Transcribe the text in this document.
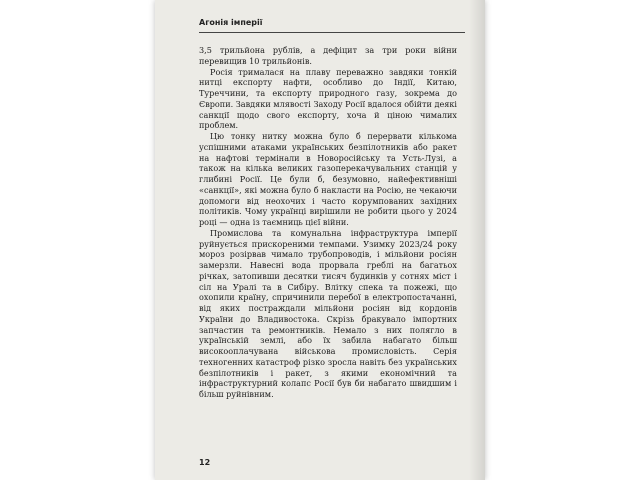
Агонія імперії

3,5 трильйона рублів, а дефіцит за три роки війни перевищив 10 трильйонів.

Росія трималася на плаву переважно завдяки тонкій нитці експорту нафти, особливо до Індії, Китаю, Туреччини, та експорту природного газу, зокрема до Європи. Завдяки млявості Заходу Росії вдалося обійти деякі санкції щодо свого експорту, хоча й ціною чималих проблем.

Цю тонку нитку можна було б перервати кількома успішними атаками українських безпілотників або ракет на нафтові термінали в Новоросійську та Усть-Лузі, а також на кілька великих газоперекачувальних станцій у глибині Росії. Це були б, безумовно, найефективніші «санкції», які можна було б накласти на Росію, не чекаючи допомоги від неохочих і часто корумпованих західних політиків. Чому українці вирішили не робити цього у 2024 році — одна із таємниць цієї війни.

Промислова та комунальна інфраструктура імперії руйнується прискореними темпами. Узимку 2023/24 року мороз розірвав чимало трубопроводів, і мільйони росіян замерзли. Навесні вода прорвала греблі на багатьох річках, затопивши десятки тисяч будинків у сотнях міст і сіл на Уралі та в Сибіру. Влітку спека та пожежі, що охопили країну, спричинили перебої в електропостачанні, від яких постраждали мільйони росіян від кордонів України до Владивостока. Скрізь бракувало імпортних запчастин та ремонтників. Немало з них полягло в українській землі, або їх забила набагато більш високооплачувана військова промисловість. Серія техногенних катастроф різко зросла навіть без українських безпілотників і ракет, з якими економічний та інфраструктурний колапс Росії був би набагато швидшим і більш руйнівним.

12
